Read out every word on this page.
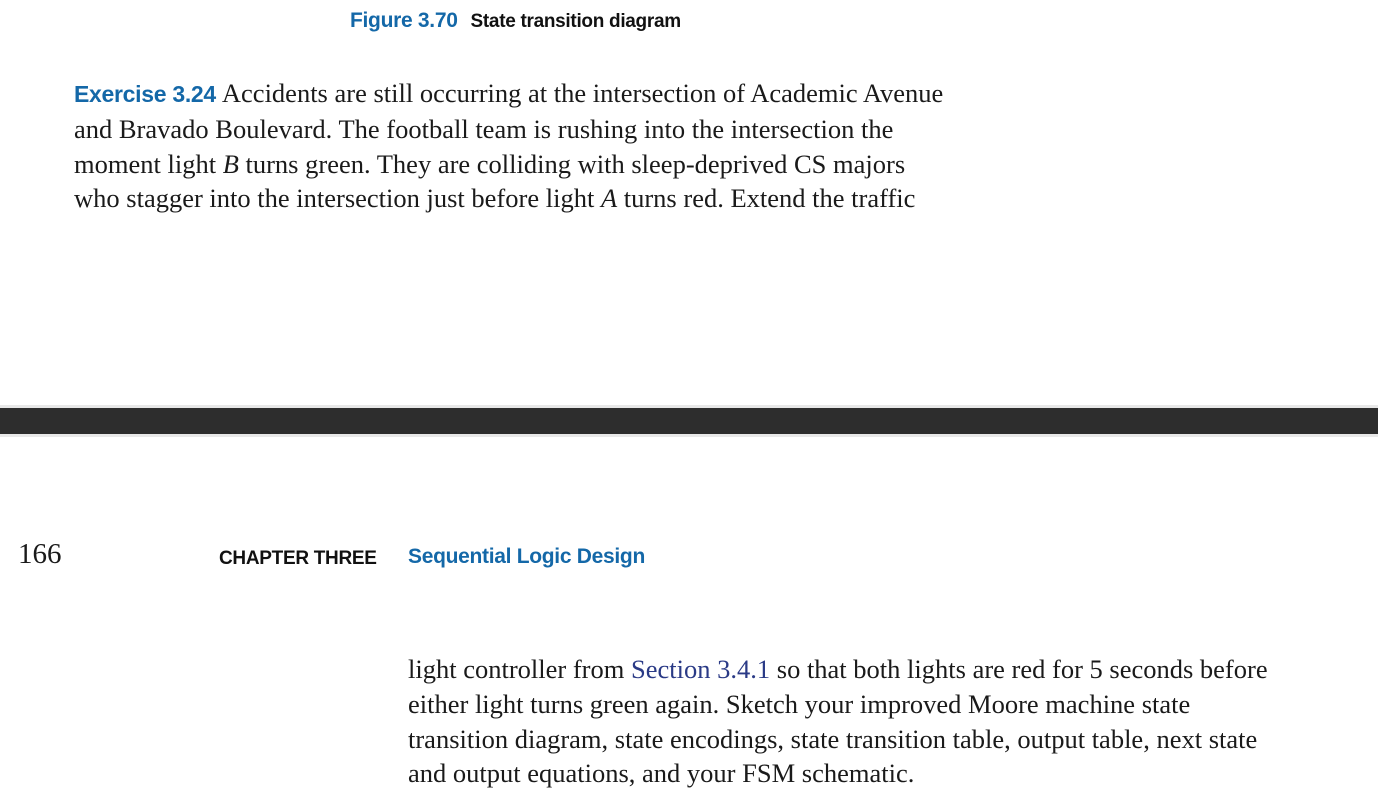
Figure 3.70 State transition diagram
Exercise 3.24 Accidents are still occurring at the intersection of Academic Avenue
and Bravado Boulevard. The football team is rushing into the intersection the
moment light B turns green. They are colliding with sleep-deprived CS majors
who stagger into the intersection just before light A turns red. Extend the traffic
166	CHAPTER THREE Sequential Logic Design
light controller from Section 3.4.1 so that both lights are red for 5 seconds before
either light turns green again. Sketch your improved Moore machine state
transition diagram, state encodings, state transition table, output table, next state
and output equations, and your FSM schematic.
